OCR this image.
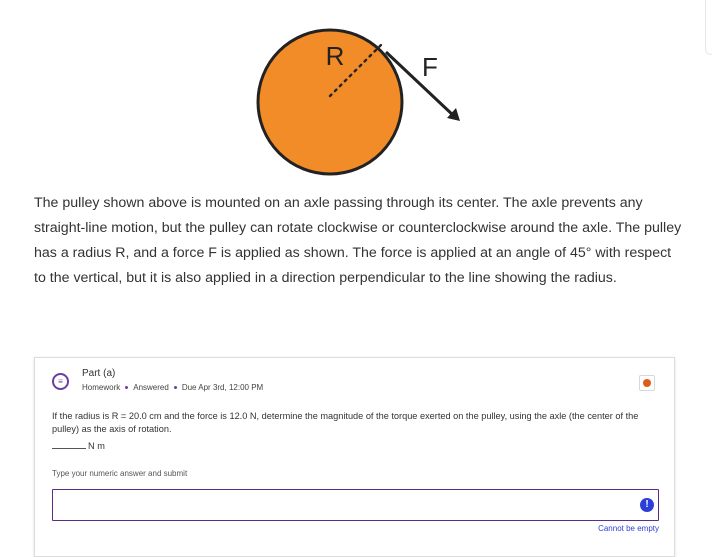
R	F

The pulley shown above is mounted on an axle passing through its center. The axle prevents any straight-line motion, but the pulley can rotate clockwise or counterclockwise around the axle. The pulley has a radius R, and a force F is applied as shown. The force is applied at an angle of 45° with respect to the vertical, but it is also applied in a direction perpendicular to the line showing the radius.

≡
Part (a)
Homework Answered Due Apr 3rd, 12:00 PM
If the radius is R = 20.0 cm and the force is 12.0 N, determine the magnitude of the torque exerted on the pulley, using the axle (the center of the pulley) as the axis of rotation.
N m
Type your numeric answer and submit
!
Cannot be empty
